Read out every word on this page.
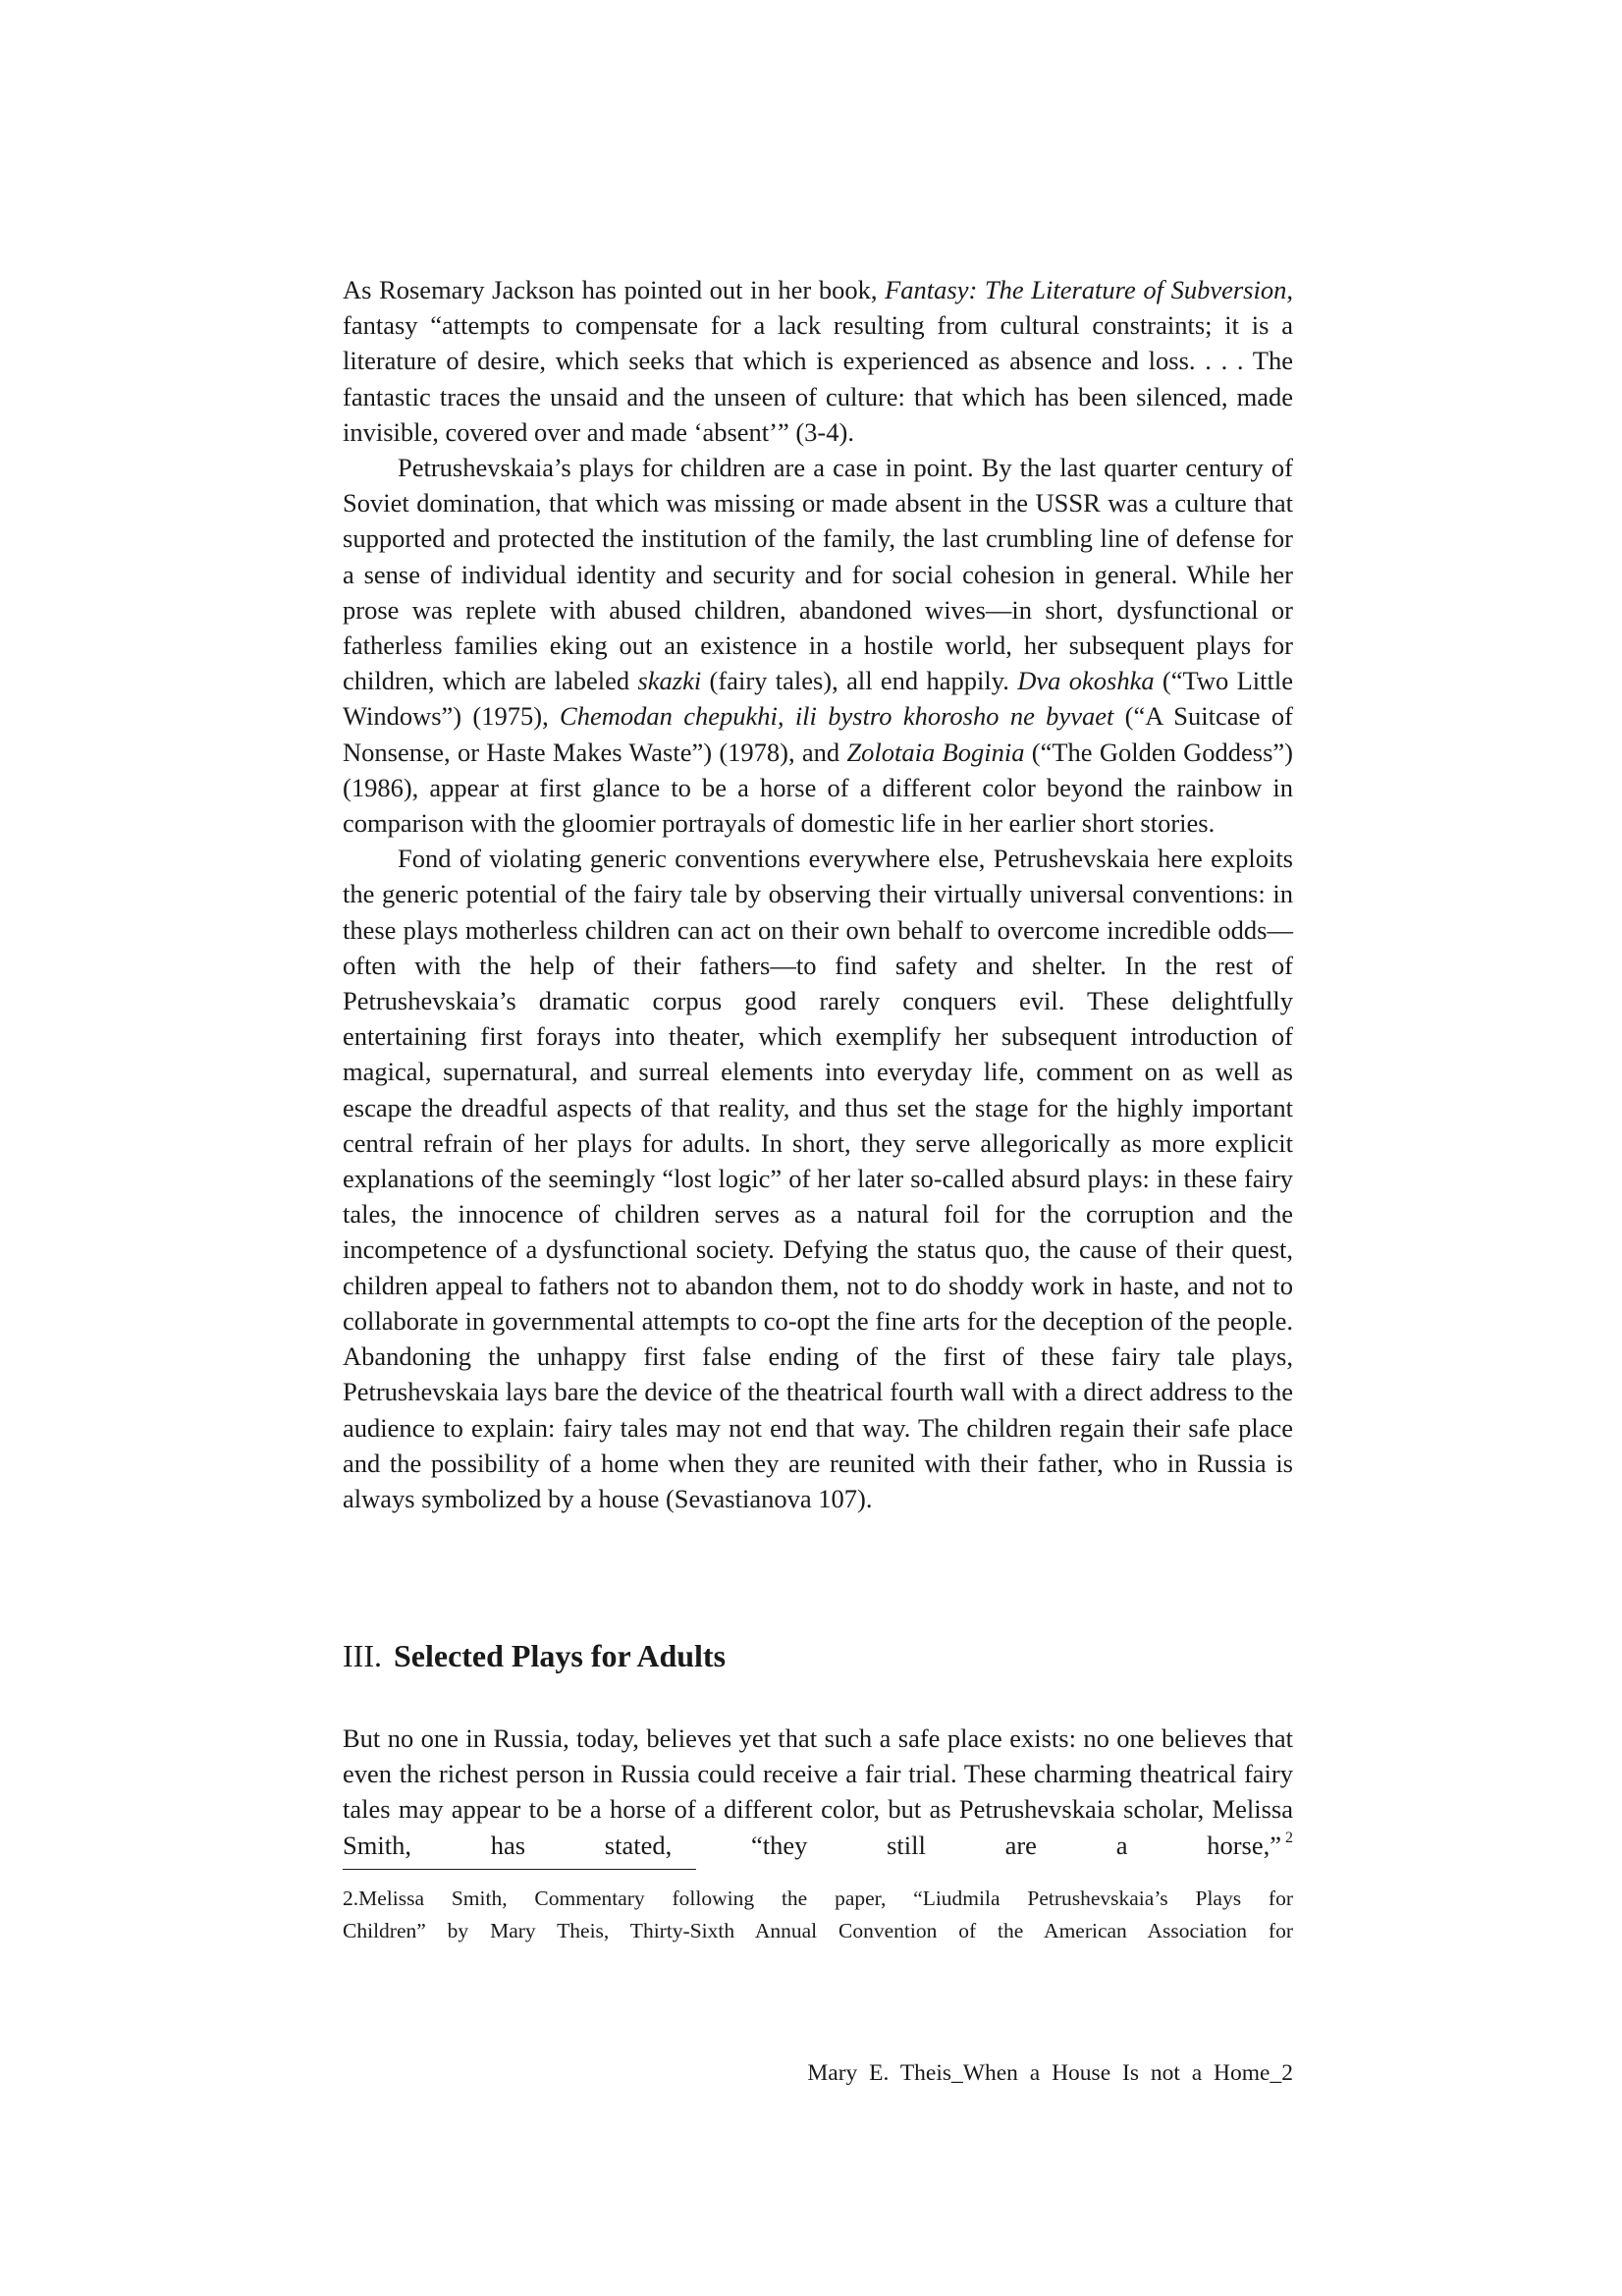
As Rosemary Jackson has pointed out in her book, Fantasy: The Literature of Subversion, fantasy “attempts to compensate for a lack resulting from cultural constraints; it is a literature of desire, which seeks that which is experienced as absence and loss. . . . The fantastic traces the unsaid and the unseen of culture: that which has been silenced, made invisible, covered over and made ‘absent’” (3-4).

Petrushevskaia’s plays for children are a case in point. By the last quarter century of Soviet domination, that which was missing or made absent in the USSR was a culture that supported and protected the institution of the family, the last crumbling line of defense for a sense of individual identity and security and for social cohesion in general. While her prose was replete with abused children, abandoned wives—in short, dysfunctional or fatherless families eking out an existence in a hostile world, her subsequent plays for children, which are labeled skazki (fairy tales), all end happily. Dva okoshka (“Two Little Windows”) (1975), Chemodan chepukhi, ili bystro khorosho ne byvaet (“A Suitcase of Nonsense, or Haste Makes Waste”) (1978), and Zolotaia Boginia (“The Golden Goddess”) (1986), appear at first glance to be a horse of a different color beyond the rainbow in comparison with the gloomier portrayals of domestic life in her earlier short stories.

Fond of violating generic conventions everywhere else, Petrushevskaia here exploits the generic potential of the fairy tale by observing their virtually universal conventions: in these plays motherless children can act on their own behalf to overcome incredible odds—often with the help of their fathers—to find safety and shelter. In the rest of Petrushevskaia’s dramatic corpus good rarely conquers evil. These delightfully entertaining first forays into theater, which exemplify her subsequent introduction of magical, supernatural, and surreal elements into everyday life, comment on as well as escape the dreadful aspects of that reality, and thus set the stage for the highly important central refrain of her plays for adults. In short, they serve allegorically as more explicit explanations of the seemingly “lost logic” of her later so-called absurd plays: in these fairy tales, the innocence of children serves as a natural foil for the corruption and the incompetence of a dysfunctional society. Defying the status quo, the cause of their quest, children appeal to fathers not to abandon them, not to do shoddy work in haste, and not to collaborate in governmental attempts to co-opt the fine arts for the deception of the people. Abandoning the unhappy first false ending of the first of these fairy tale plays, Petrushevskaia lays bare the device of the theatrical fourth wall with a direct address to the audience to explain: fairy tales may not end that way. The children regain their safe place and the possibility of a home when they are reunited with their father, who in Russia is always symbolized by a house (Sevastianova 107).

III. Selected Plays for Adults

But no one in Russia, today, believes yet that such a safe place exists: no one believes that even the richest person in Russia could receive a fair trial. These charming theatrical fairy tales may appear to be a horse of a different color, but as Petrushevskaia scholar, Melissa Smith, has stated, “they still are a horse,” $^2$

2.Melissa Smith, Commentary following the paper, “Liudmila Petrushevskaia’s Plays for
Children” by Mary Theis, Thirty-Sixth Annual Convention of the American Association for

Mary E. Theis_When a House Is not a Home_2
